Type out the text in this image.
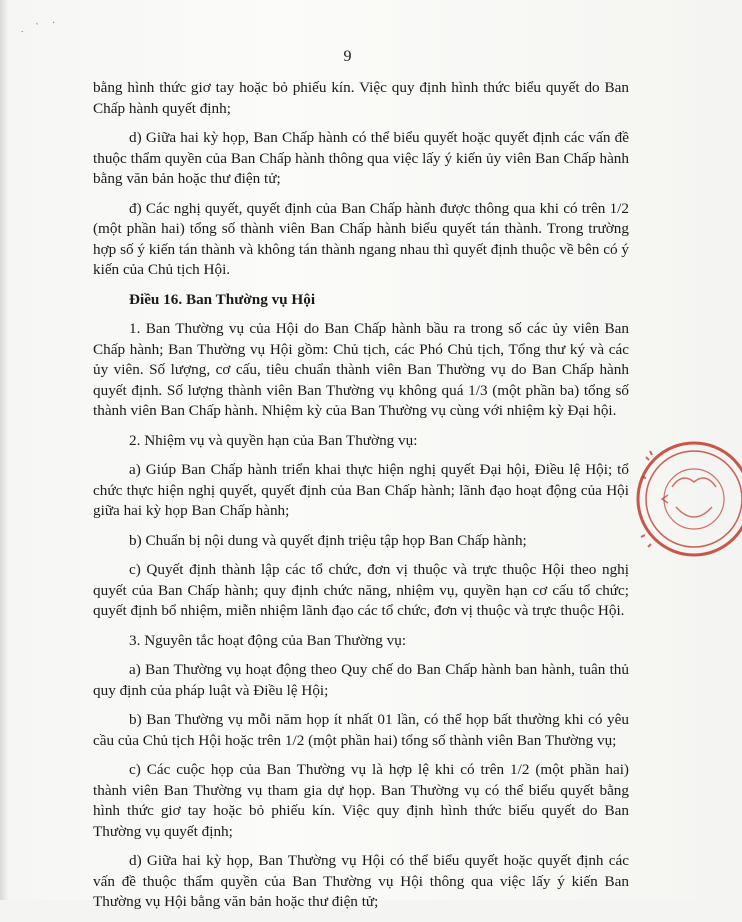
. ' ·
9

bằng hình thức giơ tay hoặc bỏ phiếu kín. Việc quy định hình thức biểu quyết do Ban Chấp hành quyết định;

d) Giữa hai kỳ họp, Ban Chấp hành có thể biểu quyết hoặc quyết định các vấn đề thuộc thẩm quyền của Ban Chấp hành thông qua việc lấy ý kiến ủy viên Ban Chấp hành bằng văn bản hoặc thư điện tử;

đ) Các nghị quyết, quyết định của Ban Chấp hành được thông qua khi có trên 1/2 (một phần hai) tổng số thành viên Ban Chấp hành biểu quyết tán thành. Trong trường hợp số ý kiến tán thành và không tán thành ngang nhau thì quyết định thuộc về bên có ý kiến của Chủ tịch Hội.

Điều 16. Ban Thường vụ Hội

1. Ban Thường vụ của Hội do Ban Chấp hành bầu ra trong số các ủy viên Ban Chấp hành; Ban Thường vụ Hội gồm: Chủ tịch, các Phó Chủ tịch, Tổng thư ký và các ủy viên. Số lượng, cơ cấu, tiêu chuẩn thành viên Ban Thường vụ do Ban Chấp hành quyết định. Số lượng thành viên Ban Thường vụ không quá 1/3 (một phần ba) tổng số thành viên Ban Chấp hành. Nhiệm kỳ của Ban Thường vụ cùng với nhiệm kỳ Đại hội.

2. Nhiệm vụ và quyền hạn của Ban Thường vụ:

a) Giúp Ban Chấp hành triển khai thực hiện nghị quyết Đại hội, Điều lệ Hội; tổ chức thực hiện nghị quyết, quyết định của Ban Chấp hành; lãnh đạo hoạt động của Hội giữa hai kỳ họp Ban Chấp hành;

b) Chuẩn bị nội dung và quyết định triệu tập họp Ban Chấp hành;

c) Quyết định thành lập các tổ chức, đơn vị thuộc và trực thuộc Hội theo nghị quyết của Ban Chấp hành; quy định chức năng, nhiệm vụ, quyền hạn cơ cấu tổ chức; quyết định bổ nhiệm, miễn nhiệm lãnh đạo các tổ chức, đơn vị thuộc và trực thuộc Hội.

3. Nguyên tắc hoạt động của Ban Thường vụ:

a) Ban Thường vụ hoạt động theo Quy chế do Ban Chấp hành ban hành, tuân thủ quy định của pháp luật và Điều lệ Hội;

b) Ban Thường vụ mỗi năm họp ít nhất 01 lần, có thể họp bất thường khi có yêu cầu của Chủ tịch Hội hoặc trên 1/2 (một phần hai) tổng số thành viên Ban Thường vụ;

c) Các cuộc họp của Ban Thường vụ là hợp lệ khi có trên 1/2 (một phần hai) thành viên Ban Thường vụ tham gia dự họp. Ban Thường vụ có thể biểu quyết bằng hình thức giơ tay hoặc bỏ phiếu kín. Việc quy định hình thức biểu quyết do Ban Thường vụ quyết định;

d) Giữa hai kỳ họp, Ban Thường vụ Hội có thể biểu quyết hoặc quyết định các vấn đề thuộc thẩm quyền của Ban Thường vụ Hội thông qua việc lấy ý kiến Ban Thường vụ Hội bằng văn bản hoặc thư điện tử;
